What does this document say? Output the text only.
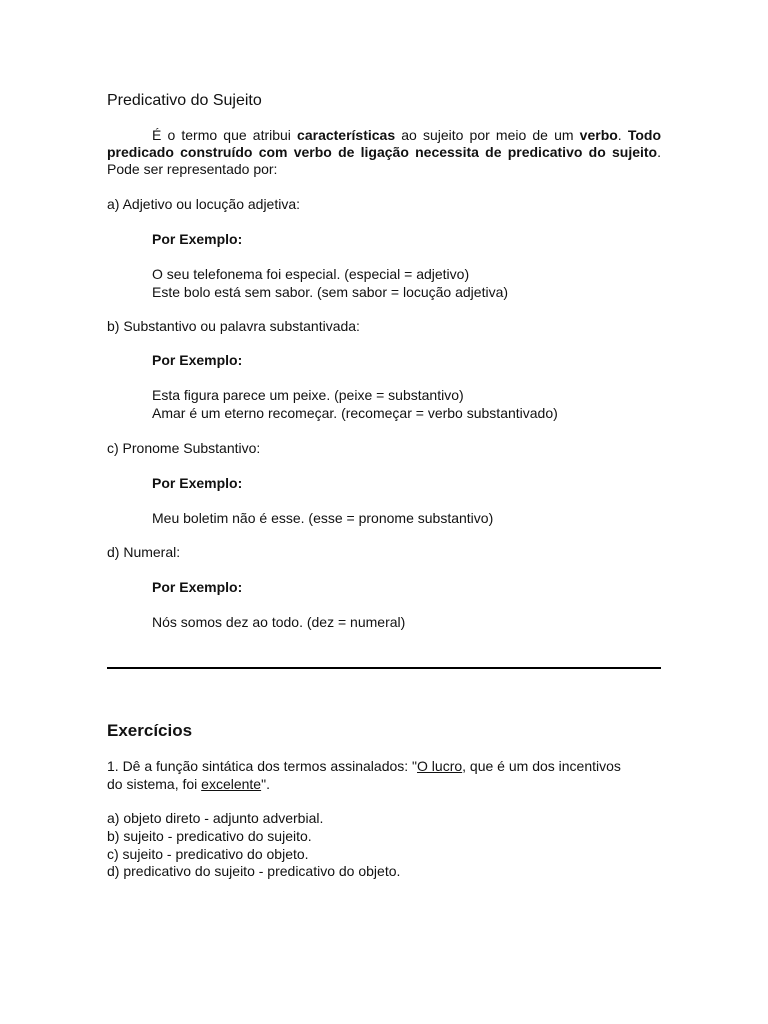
Predicativo do Sujeito

É o termo que atribui características ao sujeito por meio de um verbo. Todo predicado construído com verbo de ligação necessita de predicativo do sujeito. Pode ser representado por:

a) Adjetivo ou locução adjetiva:
Por Exemplo:
O seu telefonema foi especial. (especial = adjetivo)
Este bolo está sem sabor. (sem sabor = locução adjetiva)
b) Substantivo ou palavra substantivada:
Por Exemplo:
Esta figura parece um peixe. (peixe = substantivo)
Amar é um eterno recomeçar. (recomeçar = verbo substantivado)
c) Pronome Substantivo:
Por Exemplo:
Meu boletim não é esse. (esse = pronome substantivo)
d) Numeral:
Por Exemplo:
Nós somos dez ao todo. (dez = numeral)
Exercícios
1. Dê a função sintática dos termos assinalados: "O lucro, que é um dos incentivos
do sistema, foi excelente".
a) objeto direto - adjunto adverbial.
b) sujeito - predicativo do sujeito.
c) sujeito - predicativo do objeto.
d) predicativo do sujeito - predicativo do objeto.
